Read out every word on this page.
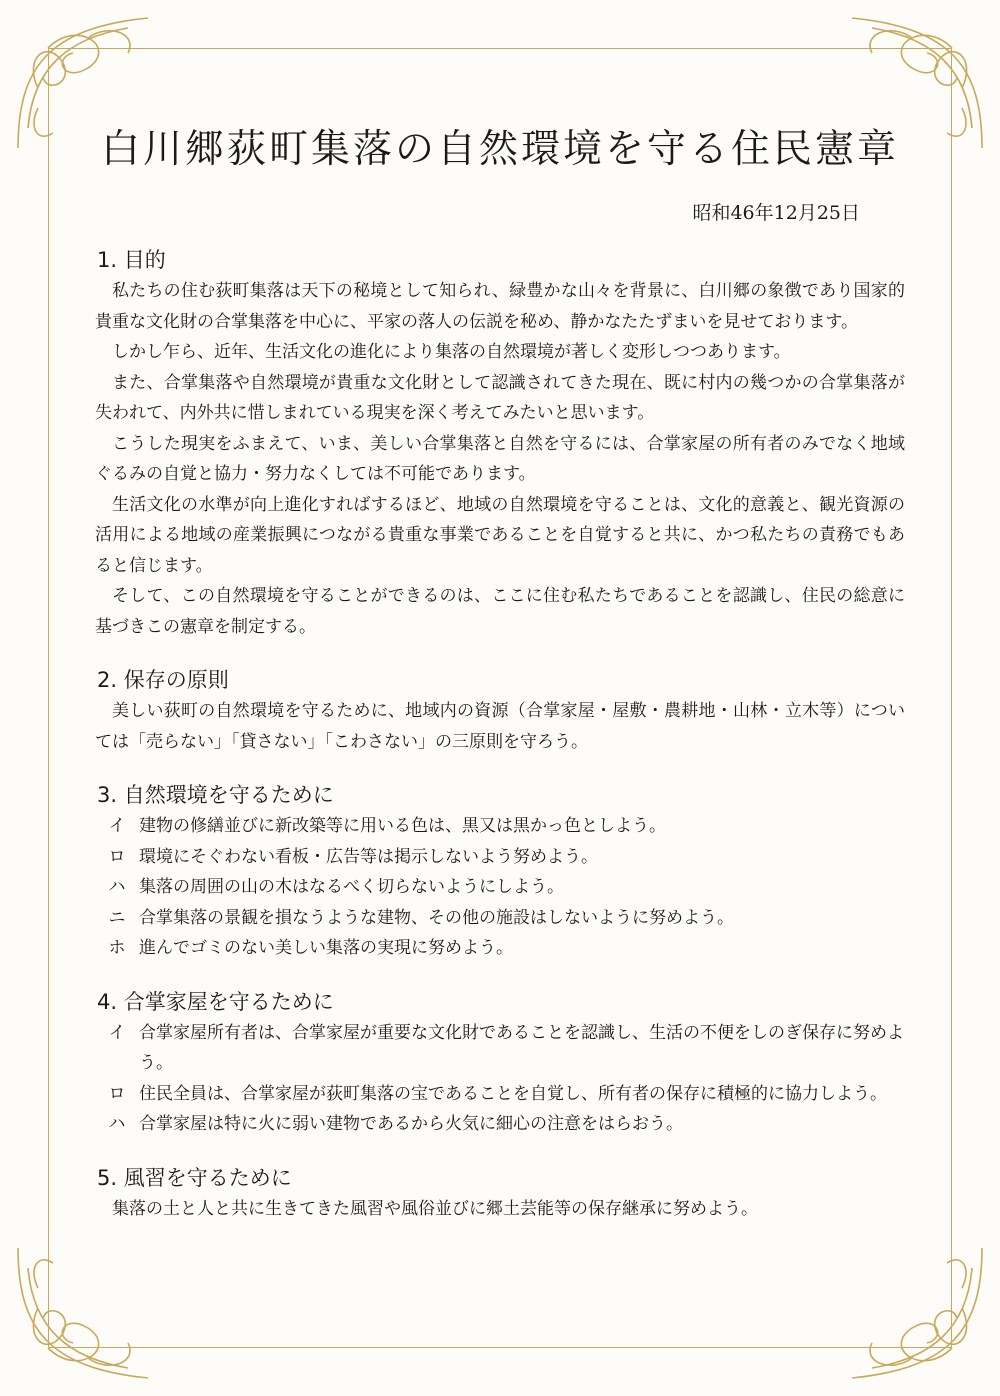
白川郷荻町集落の自然環境を守る住民憲章
昭和46年12月25日
1. 目的

私たちの住む荻町集落は天下の秘境として知られ、緑豊かな山々を背景に、白川郷の象徴であり国家的貴重な文化財の合掌集落を中心に、平家の落人の伝説を秘め、静かなたたずまいを見せております。

しかし乍ら、近年、生活文化の進化により集落の自然環境が著しく変形しつつあります。

また、合掌集落や自然環境が貴重な文化財として認識されてきた現在、既に村内の幾つかの合掌集落が失われて、内外共に惜しまれている現実を深く考えてみたいと思います。

こうした現実をふまえて、いま、美しい合掌集落と自然を守るには、合掌家屋の所有者のみでなく地域ぐるみの自覚と協力・努力なくしては不可能であります。

生活文化の水準が向上進化すればするほど、地域の自然環境を守ることは、文化的意義と、観光資源の活用による地域の産業振興につながる貴重な事業であることを自覚すると共に、かつ私たちの責務でもあると信じます。

そして、この自然環境を守ることができるのは、ここに住む私たちであることを認識し、住民の総意に基づきこの憲章を制定する。

2. 保存の原則

美しい荻町の自然環境を守るために、地域内の資源（合掌家屋・屋敷・農耕地・山林・立木等）については「売らない」「貸さない」「こわさない」の三原則を守ろう。

3. 自然環境を守るために
イ 建物の修繕並びに新改築等に用いる色は、黒又は黒かっ色としよう。
ロ 環境にそぐわない看板・広告等は掲示しないよう努めよう。
ハ 集落の周囲の山の木はなるべく切らないようにしよう。
ニ 合掌集落の景観を損なうような建物、その他の施設はしないように努めよう。
ホ 進んでゴミのない美しい集落の実現に努めよう。
4. 合掌家屋を守るために
イ 合掌家屋所有者は、合掌家屋が重要な文化財であることを認識し、生活の不便をしのぎ保存に努めよう。
ロ 住民全員は、合掌家屋が荻町集落の宝であることを自覚し、所有者の保存に積極的に協力しよう。
ハ 合掌家屋は特に火に弱い建物であるから火気に細心の注意をはらおう。
5. 風習を守るために

集落の土と人と共に生きてきた風習や風俗並びに郷土芸能等の保存継承に努めよう。
